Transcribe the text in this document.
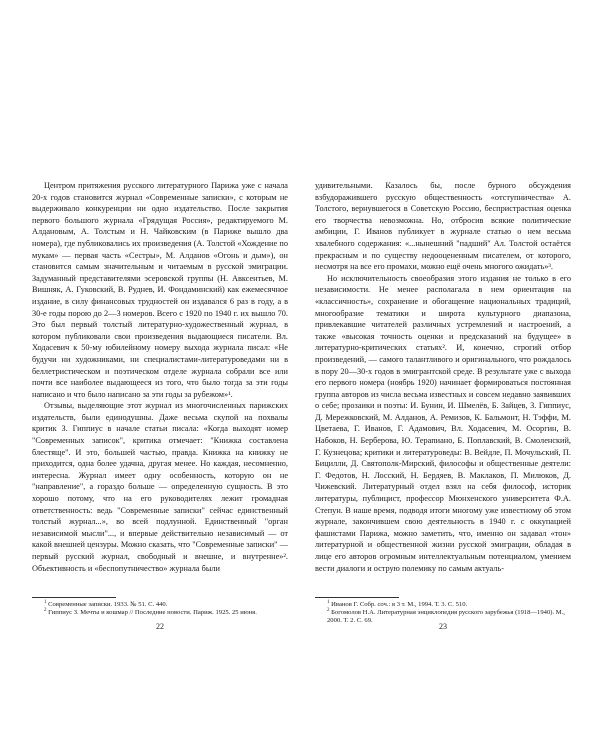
Центром притяжения русского литературного Парижа уже с начала 20-х годов становится журнал «Современные записки», с которым не выдерживало конкуренции ни одно издательство. После закрытия первого большого журнала «Грядущая Россия», редактируемого М. Алдановым, А. Толстым и Н. Чайковским (в Париже вышло два номера), где публиковались их произведения (А. Толстой «Хождение по мукам» — первая часть «Сестры», М. Алданов «Огонь и дым»), он становится самым значительным и читаемым в русской эмиграции. Задуманный представителями эсеровской группы (Н. Авксентьев, М. Вишняк, А. Гуковский, В. Руднев, И. Фондаминский) как ежемесячное издание, в силу финансовых трудностей он издавался 6 раз в году, а в 30-е годы порою до 2—3 номеров. Всего с 1920 по 1940 г. их вышло 70. Это был первый толстый литературно-художественный журнал, в котором публиковали свои произведения выдающиеся писатели. Вл. Ходасевич к 50-му юбилейному номеру выхода журнала писал: «Не будучи ни художниками, ни специалистами-литературоведами ни в беллетристическом и поэтическом отделе журнала собрали все или почти все наиболее выдающееся из того, что было тогда за эти годы написано и что было написано за эти годы за рубежом»¹.

Отзывы, выделяющие этот журнал из многочисленных парижских издательств, были единодушны. Даже весьма скупой на похвалы критик З. Гиппиус в начале статьи писала: «Когда выходят номер "Современных записок", критика отмечает: "Книжка составлена блестяще". И это, большей частью, правда. Книжка на книжку не приходится, одна более удачна, другая менее. Но каждая, несомненно, интересна. Журнал имеет одну особенность, которую он не "направление", а гораздо больше — определенную сущность. В это хорошо потому, что на его руководителях лежит громадная ответственность: ведь "Современные записки" сейчас единственный толстый журнал...», во всей подлунной. Единственный "орган независимой мысли"..., и впервые действительно независимый — от какой внешней цензуры. Можно сказать, что "Современные записки" — первый русский журнал, свободный и внешне, и внутренне»². Объективность и «беспопутничество» журнала были

$^1$ Современные записки. 1933. № 51. С. 440.

$^2$ Гиппиус З. Мечты и кошмар // Последние новости. Париж. 1925. 25 июня.

22

удивительными. Казалось бы, после бурного обсуждения взбудоражившего русскую общественность «отступничества» А. Толстого, вернувшегося в Советскую Россию, беспристрастная оценка его творчества невозможна. Но, отбросив всякие политические амбиции, Г. Иванов публикует в журнале статью о нем весьма хвалебного содержания: «...нынешний "падший" Ал. Толстой остаётся прекрасным и по существу недооцененным писателем, от которого, несмотря на все его промахи, можно ещё очень многого ожидать»³.

Но исключительность своеобразия этого издания не только в его независимости. Не менее располагала в нем ориентация на «классичность», сохранение и обогащение национальных традиций, многообразие тематики и широта культурного диапазона, привлекавшие читателей различных устремлений и настроений, а также «высокая точность оценки и предсказаний на будущее» в литературно-критических статьях². И, конечно, строгий отбор произведений, — самого талантливого и оригинального, что рождалось в пору 20—30-х годов в эмигрантской среде. В результате уже с выхода его первого номера (ноябрь 1920) начинает формироваться постоянная группа авторов из числа весьма известных и совсем недавно заявивших о себе; прозаики и поэты: И. Бунин, И. Шмелёв, Б. Зайцев, З. Гиппиус, Д. Мережковский, М. Алданов, А. Ремизов, К. Бальмонт, Н. Тэффи, М. Цветаева, Г. Иванов, Г. Адамович, Вл. Ходасевич, М. Осоргин, В. Набоков, Н. Берберова, Ю. Терапиано, Б. Поплавский, В. Смоленский, Г. Кузнецова; критики и литературоведы: В. Вейдле, П. Мочульский, П. Бицилли, Д. Святополк-Мирский, философы и общественные деятели: Г. Федотов, Н. Лосский, Н. Бердяев, В. Маклаков, П. Милюков, Д. Чижевский. Литературный отдел взял на себя философ, историк литературы, публицист, профессор Мюнхенского университета Ф.А. Степун. В наше время, подводя итоги многому уже известному об этом журнале, закончившем свою деятельность в 1940 г. с оккупацией фашистами Парижа, можно заметить, что, именно он задавал «тон» литературной и общественной жизни русской эмиграции, обладая в лице его авторов огромным интеллектуальным потенциалом, умением вести диалоги и острую полемику по самым актуаль-

$^1$ Иванов Г. Собр. соч.: в 3 т. М., 1994. Т. 3. С. 510.

$^2$ Богомолов Н.А. Литературная энциклопедия русского зарубежья (1918—1940). М., 2000. Т. 2. С. 69.

23
